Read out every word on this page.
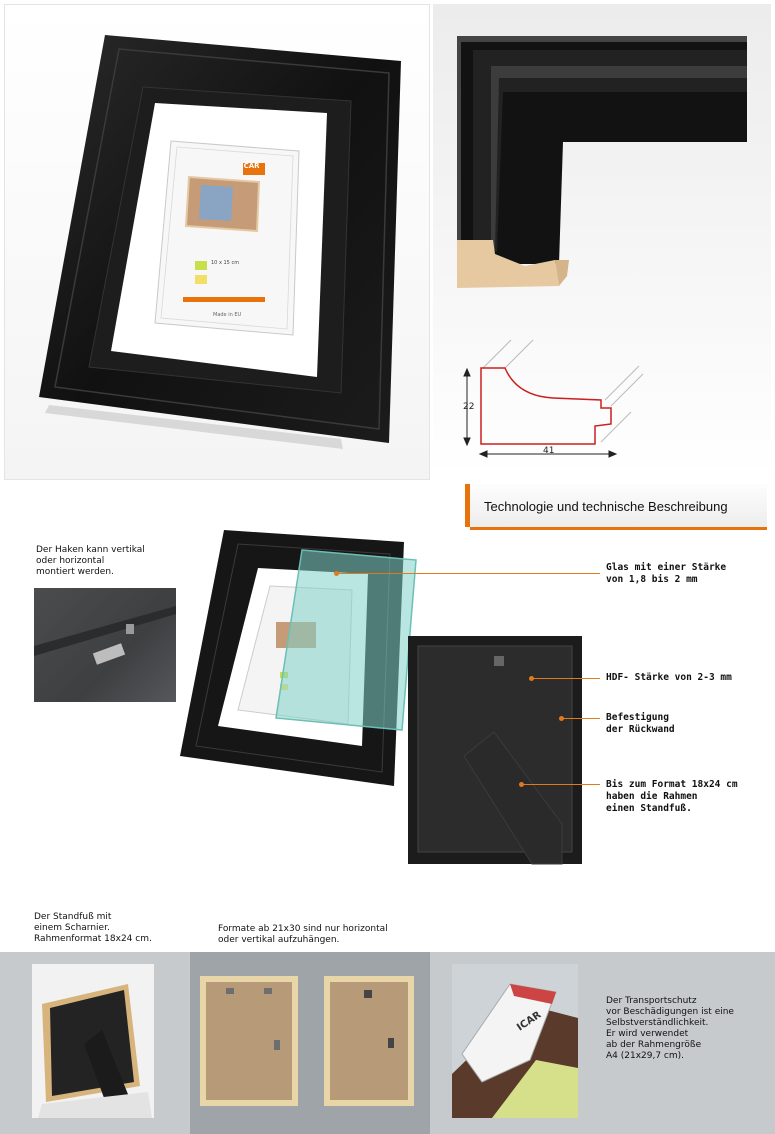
ICAR
10 x 15 cm
Made in EU
22
41
Technologie und technische Beschreibung
Der Haken kann vertikal
oder horizontal
montiert werden.	Glas mit einer Stärke
von 1,8 bis 2 mm
HDF- Stärke von 2-3 mm
Befestigung
der Rückwand
Bis zum Format 18x24 cm
haben die Rahmen
einen Standfuß.
Der Standfuß mit
einem Scharnier.
Rahmenformat 18x24 cm.
Formate ab 21x30 sind nur horizontal
oder vertikal aufzuhängen.
ICAR
Der Transportschutz
vor Beschädigungen ist eine
Selbstverständlichkeit.
Er wird verwendet
ab der Rahmengröße
A4 (21x29,7 cm).
